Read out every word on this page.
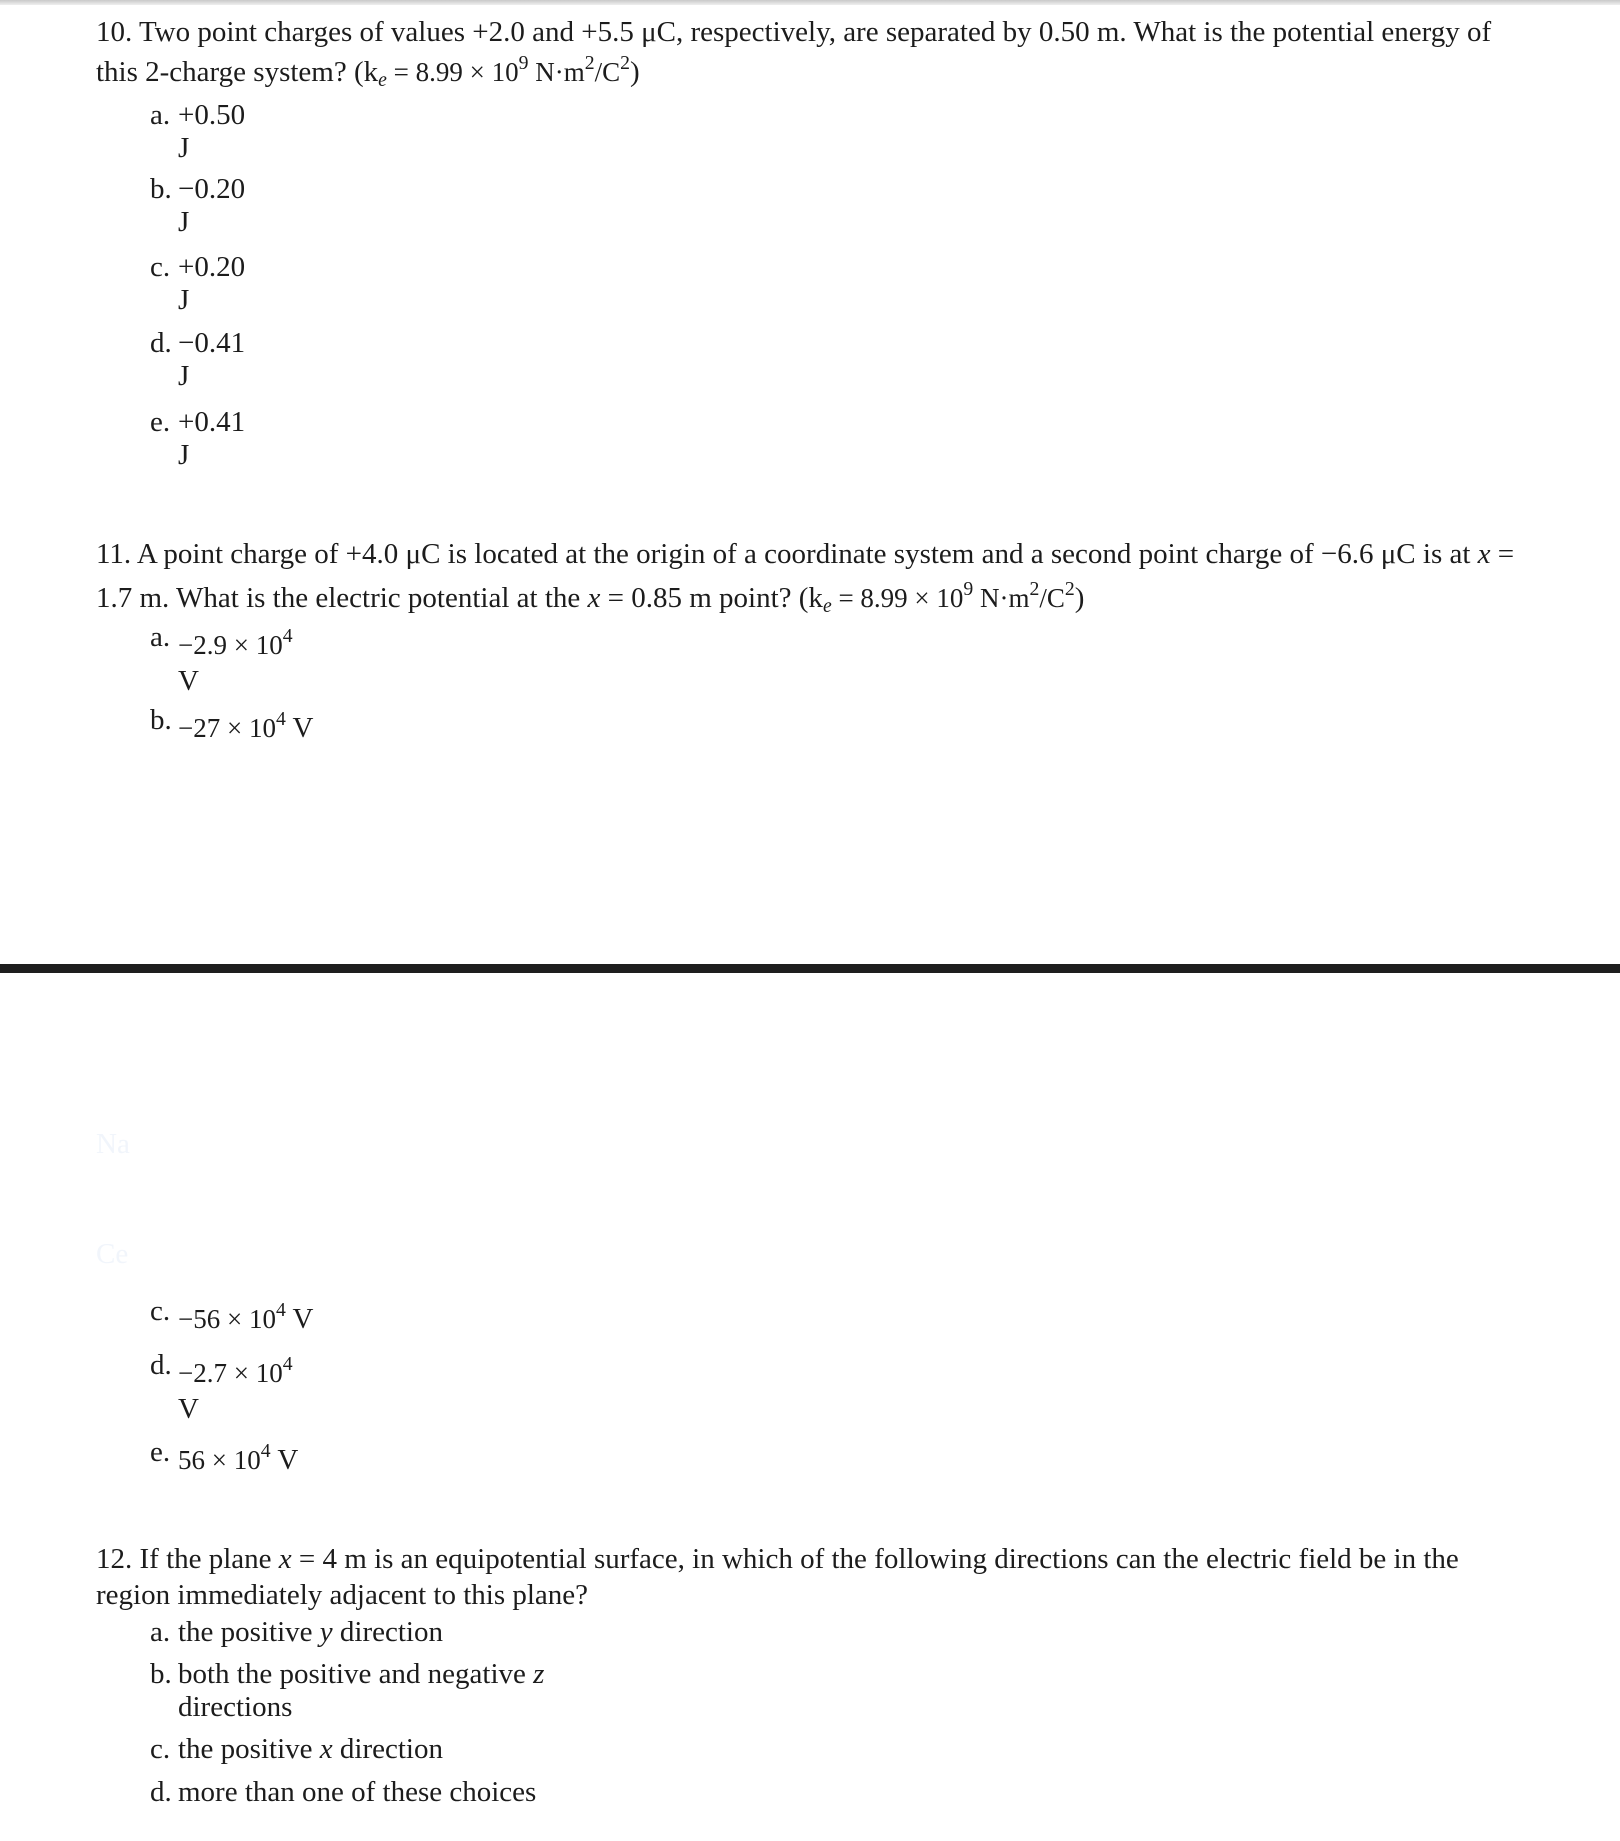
10. Two point charges of values +2.0 and +5.5 μC, respectively, are separated by 0.50 m. What is the potential energy of
this 2-charge system? ($k_e = 8.99 \times 10^9$ $N\cdot m^2/C^2$)
a. +0.50
J
b. −0.20
J
c. +0.20
J
d. −0.41
J
e. +0.41
J
11. A point charge of +4.0 μC is located at the origin of a coordinate system and a second point charge of −6.6 μC is at x =
1.7 m. What is the electric potential at the x = 0.85 m point? ($k_e = 8.99 \times 10^9$ $N\cdot m^2/C^2$)
a. $-2.9 \times 10^4$
V
b. $-27 \times 10^4$ V
Na
Ce
c. $-56 \times 10^4$ V
d. $-2.7 \times 10^4$
V
e. $56 \times 10^4$ V
12. If the plane x = 4 m is an equipotential surface, in which of the following directions can the electric field be in the
region immediately adjacent to this plane?
a. the positive y direction
b. both the positive and negative z
directions
c. the positive x direction
d. more than one of these choices
